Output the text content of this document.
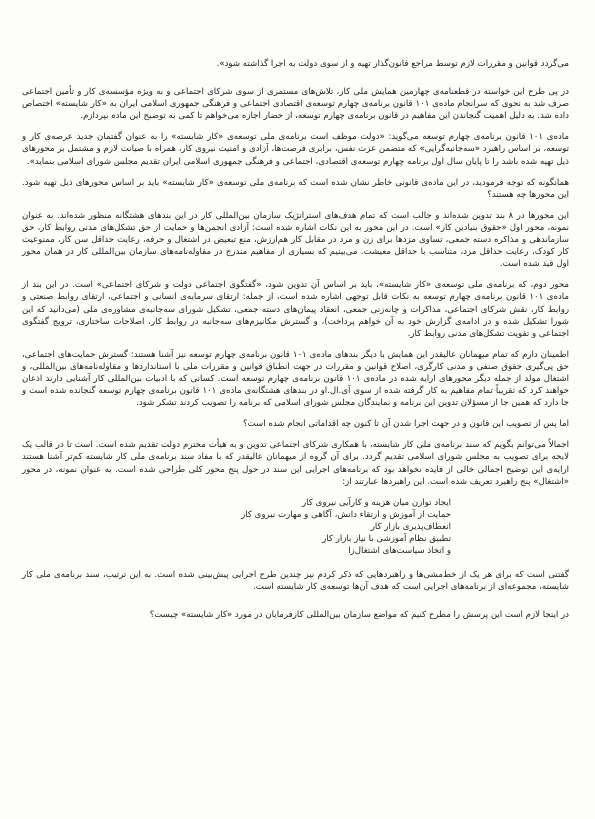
می‌گردد قوانین و مقررات لازم توسط مراجع قانون‌گذار تهیه و از سوی دولت به اجرا گذاشته شود».

در پی طرح این خواسته در قطعنامه‌ی چهارمین همایش ملی کار، تلاش‌های مستمری از سوی شرکای اجتماعی و به ویژه مؤسسه‌ی کار و تأمین اجتماعی صرف شد به نحوی که سرانجام ماده‌ی ۱۰۱ قانون برنامه‌ی چهارم توسعه‌ی اقتصادی اجتماعی و فرهنگی جمهوری اسلامی ایران به «کار شایسته» اختصاص داده شد. به دلیل اهمیت گنجاندن این مفاهیم در قانون برنامه‌ی چهارم توسعه، از حضار اجازه می‌خواهم تا کمی به توضیح این ماده بپردازم.

ماده‌ی ۱۰۱ قانون برنامه‌ی چهارم توسعه می‌گوید: «دولت موظف است برنامه‌ی ملی توسعه‌ی «کار شایسته» را به عنوان گفتمان جدید عرصه‌ی کار و توسعه، بر اساس راهبرد «سه‌جانبه‌گرایی» که متضمن عزت نفس، برابری فرصت‌ها، آزادی و امنیت نیروی کار، همراه با صیانت لازم و مشتمل بر محورهای ذیل تهیه شده باشد را تا پایان سال اول برنامه چهارم توسعه‌ی اقتصادی، اجتماعی و فرهنگی جمهوری اسلامی ایران تقدیم مجلس شورای اسلامی بنماید».

همانگونه که توجه فرمودید، در این ماده‌ی قانونی خاطر نشان شده است که برنامه‌ی ملی توسعه‌ی «کار شایسته» باید بر اساس محورهای ذیل تهیه شود. این محورها چه هستند؟

این محورها در ۸ بند تدوین شده‌اند و جالب است که تمام هدف‌های استراتژیک سازمان بین‌المللی کار در این بندهای هشتگانه منظور شده‌اند. به عنوان نمونه، محور اول «حقوق بنیادین کار» است. در این محور به این نکات اشاره شده است: آزادی انجمن‌ها و حمایت از حق تشکل‌های مدنی روابط کار، حق سازماندهی و مذاکره دسته جمعی، تساوی مزدها برای زن و مرد در مقابل کار هم‌ارزش، منع تبعیض در اشتغال و حرفه، رعایت حداقل سن کار، ممنوعیت کار کودک، رعایت حداقل مزد، متناسب با حداقل معیشت. می‌بینیم که بسیاری از مفاهیم مندرج در مقاوله‌نامه‌های سازمان بین‌المللی کار در همان محور اول قید شده است.

محور دوم، که برنامه‌ی ملی توسعه‌ی «کار شایسته»، باید بر اساس آن تدوین شود، «گفتگوی اجتماعی دولت و شرکای اجتماعی» است. در این بند از ماده‌ی ۱۰۱ قانون برنامه‌ی چهارم توسعه به نکات قابل توجهی اشاره شده است، از جمله: ارتقای سرمایه‌ی انسانی و اجتماعی، ارتقای روابط صنعتی و روابط کار، نقش شرکای اجتماعی، مذاکرات و چانه‌زنی جمعی، انعقاد پیمان‌های دسته جمعی، تشکیل شورای سه‌جانبه‌ی مشاوره‌ی ملی (می‌دانید که این شورا تشکیل شده و در ادامه‌ی گزارش خود به آن خواهم پرداخت)، و گسترش مکانیزم‌های سه‌جانبه در روابط کار، اصلاحات ساختاری، ترویج گفتگوی اجتماعی و تقویت تشکل‌های مدنی روابط کار.

اطمینان دارم که تمام میهمانان عالیقدر این همایش با دیگر بندهای ماده‌ی ۱۰۱ قانون برنامه‌ی چهارم توسعه نیز آشنا هستند: گسترش حمایت‌های اجتماعی، حق پی‌گیری حقوق صنفی و مدنی کارگری، اصلاح قوانین و مقررات در جهت انطباق قوانین و مقررات ملی با استانداردها و مقاوله‌نامه‌های بین‌المللی، و اشتغال مولد از جمله دیگر محورهای ارایه شده در ماده‌ی ۱۰۱ قانون برنامه‌ی چهارم توسعه است. کسانی که با ادبیات بین‌المللی کار آشنایی دارند اذعان خواهند کرد که تقریباً تمام مفاهیم به کار گرفته شده از سوی آی.ال.او در بندهای هشتگانه‌ی ماده‌ی ۱۰۱ قانون برنامه‌ی چهارم توسعه گنجانده شده است و جا دارد که همین جا از مسؤلان تدوین این برنامه و نمایندگان مجلس شورای اسلامی که برنامه را تصویب کردند تشکر شود.

اما پس از تصویب این قانون و در جهت اجرا شدن آن تا کنون چه اقداماتی انجام شده است؟

اجمالاً می‌توانم بگویم که سند برنامه‌ی ملی کار شایسته، با همکاری شرکای اجتماعی تدوین و به هیأت محترم دولت تقدیم شده است. است تا در قالب یک لایحه برای تصویب به مجلس شورای اسلامی تقدیم گردد. برای آن گروه از میهمانان عالیقدر که با مفاد سند برنامه‌ی ملی کار شایسته کم‌تر آشنا هستند ارایه‌ی این توضیح اجمالی خالی از فایده نخواهد بود که برنامه‌های اجرایی این سند در حول پنج محور کلی طراحی شده است. به عنوان نمونه، در محور «اشتغال» پنج راهبرد تعریف شده است. این راهبردها عبارتند از:

ایجاد توازن میان هزینه و کارآیی نیروی کار
حمایت از آموزش و ارتقاء دانش، آگاهی و مهارت نیروی کار
انعطاف‌پذیری بازار کار
تطبیق نظام آموزشی با نیاز بازار کار
و اتخاذ سیاست‌های اشتغال‌زا

گفتنی است که برای هر یک از خط‌مشی‌ها و راهبردهایی که ذکر کردم نیز چندین طرح اجرایی پیش‌بینی شده است. به این ترتیب، سند برنامه‌ی ملی کار شایسته، مجموعه‌ای از برنامه‌های اجرایی است که هدف آن‌ها توسعه‌ی کار شایسته است.

در اینجا لازم است این پرسش را مطرح کنیم که مواضع سازمان بین‌المللی کارفرمایان در مورد «کار شایسته» چیست؟
